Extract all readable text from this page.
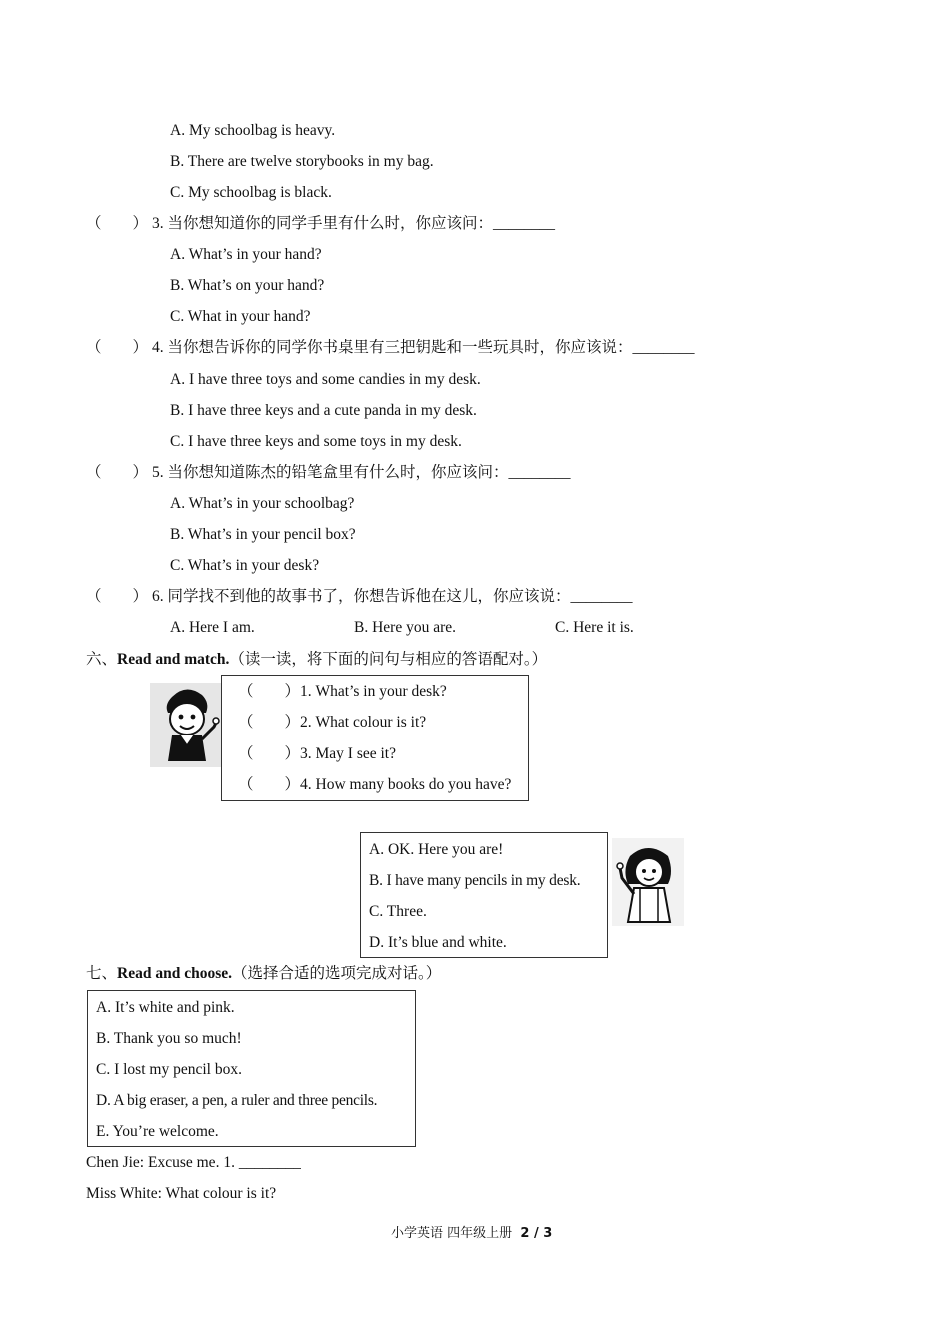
A. My schoolbag is heavy.
B. There are twelve storybooks in my bag.
C. My schoolbag is black.
（        ） 3. 当你想知道你的同学手里有什么时，你应该问：________
A. What’s in your hand?
B. What’s on your hand?
C. What in your hand?
（        ） 4. 当你想告诉你的同学你书桌里有三把钥匙和一些玩具时，你应该说：________
A. I have three toys and some candies in my desk.
B. I have three keys and a cute panda in my desk.
C. I have three keys and some toys in my desk.
（        ） 5. 当你想知道陈杰的铅笔盒里有什么时，你应该问：________
A. What’s in your schoolbag?
B. What’s in your pencil box?
C. What’s in your desk?
（        ） 6. 同学找不到他的故事书了，你想告诉他在这儿，你应该说：________
A. Here I am.	B. Here you are.	C. Here it is.
六、Read and match.（读一读，将下面的问句与相应的答语配对。）
（        ）1. What’s in your desk?
（        ）2. What colour is it?
（        ）3. May I see it?
（        ）4. How many books do you have?
A. OK. Here you are!
B. I have many pencils in my desk.
C. Three.
D. It’s blue and white.
七、Read and choose.（选择合适的选项完成对话。）
A. It’s white and pink.
B. Thank you so much!
C. I lost my pencil box.
D. A big eraser, a pen, a ruler and three pencils.
E. You’re welcome.
Chen Jie: Excuse me. 1. ________
Miss White: What colour is it?
小学英语 四年级上册 2 / 3
